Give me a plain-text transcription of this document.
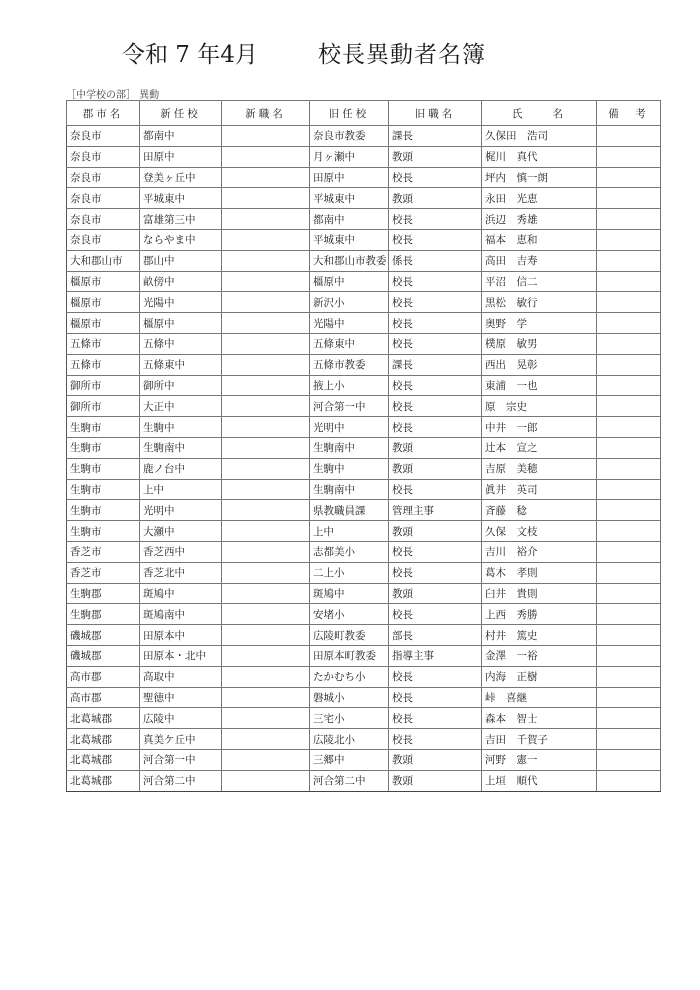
令和 7 年4月	校長異動者名簿
［中学校の部］ 異動
郡市名	新任校	新職名	旧任校	旧職名	氏　　名	備　考
奈良市	都南中		奈良市教委	課長	久保田　浩司	
奈良市	田原中		月ヶ瀬中	教頭	梶川　真代	
奈良市	登美ヶ丘中		田原中	校長	坪内　慎一朗	
奈良市	平城東中		平城東中	教頭	永田　光恵	
奈良市	富雄第三中		都南中	校長	浜辺　秀雄	
奈良市	ならやま中		平城東中	校長	福本　恵和	
大和郡山市	郡山中		大和郡山市教委	係長	高田　吉寿	
橿原市	畝傍中		橿原中	校長	平沼　信二	
橿原市	光陽中		新沢小	校長	黒松　敏行	
橿原市	橿原中		光陽中	校長	奥野　学	
五條市	五條中		五條東中	校長	樸原　敏男	
五條市	五條東中		五條市教委	課長	西出　晃彰	
御所市	御所中		掖上小	校長	東浦　一也	
御所市	大正中		河合第一中	校長	原　宗史	
生駒市	生駒中		光明中	校長	中井　一郎	
生駒市	生駒南中		生駒南中	教頭	辻本　宣之	
生駒市	鹿ノ台中		生駒中	教頭	吉原　美穂	
生駒市	上中		生駒南中	校長	眞井　英司	
生駒市	光明中		県教職員課	管理主事	斉藤　稔	
生駒市	大瀬中		上中	教頭	久保　文枝	
香芝市	香芝西中		志都美小	校長	吉川　裕介	
香芝市	香芝北中		二上小	校長	葛木　孝則	
生駒郡	斑鳩中		斑鳩中	教頭	臼井　貴則	
生駒郡	斑鳩南中		安堵小	校長	上西　秀勝	
磯城郡	田原本中		広陵町教委	部長	村井　篤史	
磯城郡	田原本・北中		田原本町教委	指導主事	金澤　一裕	
高市郡	高取中		たかむち小	校長	内海　正樹	
高市郡	聖徳中		磐城小	校長	峠　喜継	
北葛城郡	広陵中		三宅小	校長	森本　智士	
北葛城郡	真美ケ丘中		広陵北小	校長	吉田　千賀子	
北葛城郡	河合第一中		三郷中	教頭	河野　憲一	
北葛城郡	河合第二中		河合第二中	教頭	上垣　順代	
